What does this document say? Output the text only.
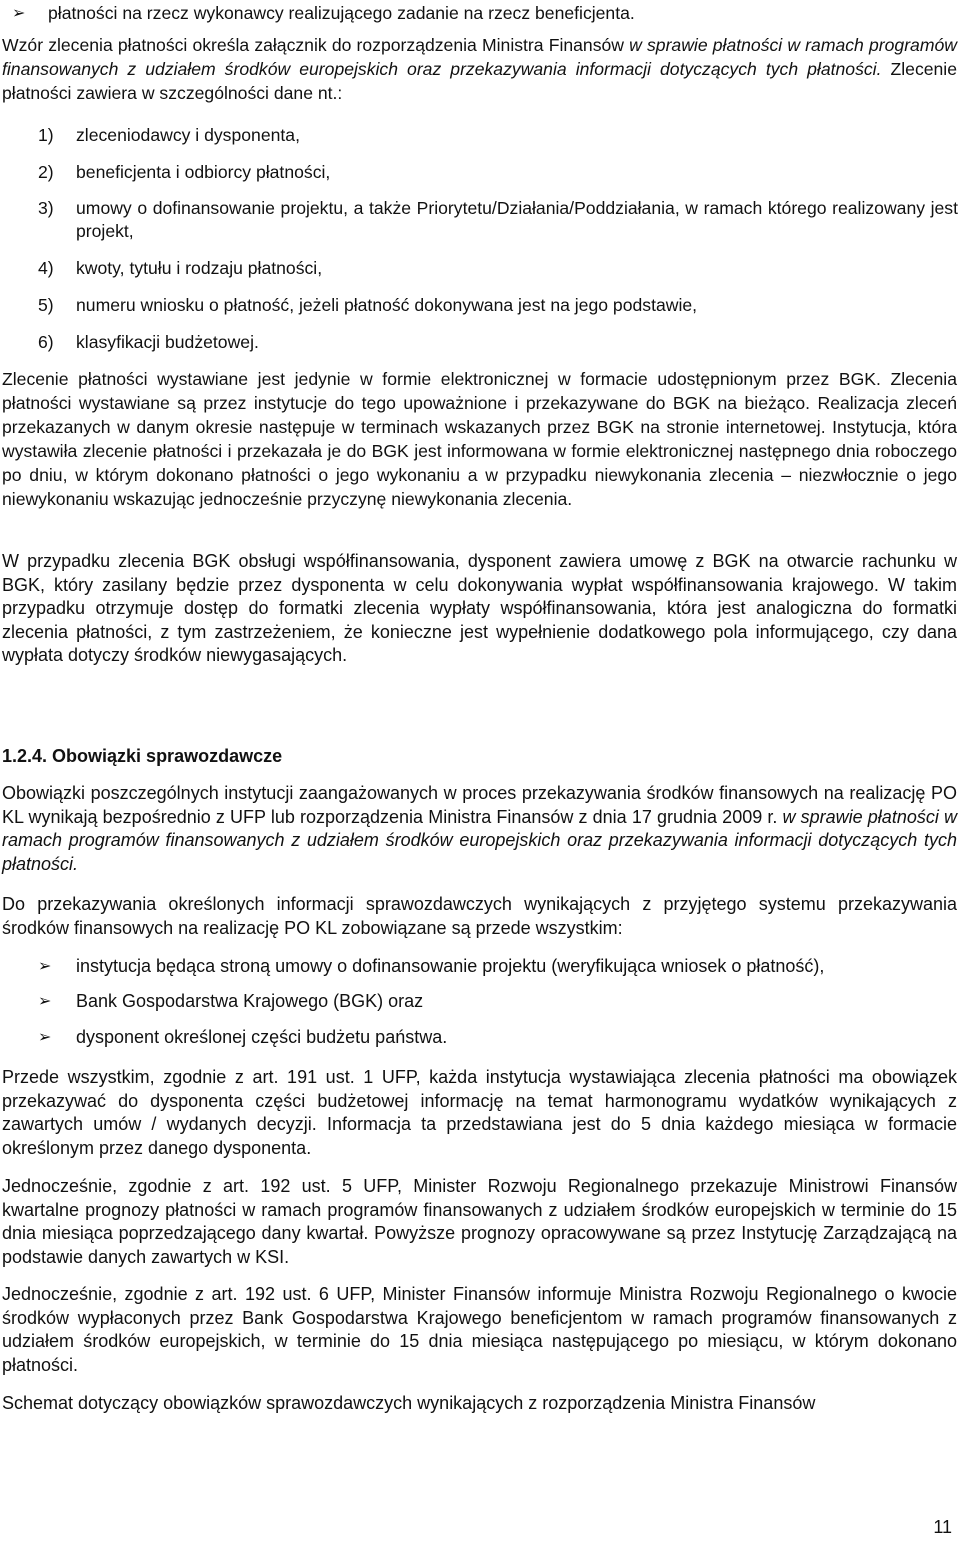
➢ płatności na rzecz wykonawcy realizującego zadanie na rzecz beneficjenta.
Wzór zlecenia płatności określa załącznik do rozporządzenia Ministra Finansów w sprawie płatności w ramach programów finansowanych z udziałem środków europejskich oraz przekazywania informacji dotyczących tych płatności. Zlecenie płatności zawiera w szczególności dane nt.:
1) zleceniodawcy i dysponenta,
2) beneficjenta i odbiorcy płatności,
3) umowy o dofinansowanie projektu, a także Priorytetu/Działania/Poddziałania, w ramach którego realizowany jest projekt,
4) kwoty, tytułu i rodzaju płatności,
5) numeru wniosku o płatność, jeżeli płatność dokonywana jest na jego podstawie,
6) klasyfikacji budżetowej.
Zlecenie płatności wystawiane jest jedynie w formie elektronicznej w formacie udostępnionym przez BGK. Zlecenia płatności wystawiane są przez instytucje do tego upoważnione i przekazywane do BGK na bieżąco. Realizacja zleceń przekazanych w danym okresie następuje w terminach wskazanych przez BGK na stronie internetowej. Instytucja, która wystawiła zlecenie płatności i przekazała je do BGK jest informowana w formie elektronicznej następnego dnia roboczego po dniu, w którym dokonano płatności o jego wykonaniu a w przypadku niewykonania zlecenia – niezwłocznie o jego niewykonaniu wskazując jednocześnie przyczynę niewykonania zlecenia.
W przypadku zlecenia BGK obsługi współfinansowania, dysponent zawiera umowę z BGK na otwarcie rachunku w BGK, który zasilany będzie przez dysponenta w celu dokonywania wypłat współfinansowania krajowego. W takim przypadku otrzymuje dostęp do formatki zlecenia wypłaty współfinansowania, która jest analogiczna do formatki zlecenia płatności, z tym zastrzeżeniem, że konieczne jest wypełnienie dodatkowego pola informującego, czy dana wypłata dotyczy środków niewygasających.
1.2.4. Obowiązki sprawozdawcze
Obowiązki poszczególnych instytucji zaangażowanych w proces przekazywania środków finansowych na realizację PO KL wynikają bezpośrednio z UFP lub rozporządzenia Ministra Finansów z dnia 17 grudnia 2009 r. w sprawie płatności w ramach programów finansowanych z udziałem środków europejskich oraz przekazywania informacji dotyczących tych płatności.
Do przekazywania określonych informacji sprawozdawczych wynikających z przyjętego systemu przekazywania środków finansowych na realizację PO KL zobowiązane są przede wszystkim:
➢ instytucja będąca stroną umowy o dofinansowanie projektu (weryfikująca wniosek o płatność),
➢ Bank Gospodarstwa Krajowego (BGK) oraz
➢ dysponent określonej części budżetu państwa.
Przede wszystkim, zgodnie z art. 191 ust. 1 UFP, każda instytucja wystawiająca zlecenia płatności ma obowiązek przekazywać do dysponenta części budżetowej informację na temat harmonogramu wydatków wynikających z zawartych umów / wydanych decyzji. Informacja ta przedstawiana jest do 5 dnia każdego miesiąca w formacie określonym przez danego dysponenta.
Jednocześnie, zgodnie z art. 192 ust. 5 UFP, Minister Rozwoju Regionalnego przekazuje Ministrowi Finansów kwartalne prognozy płatności w ramach programów finansowanych z udziałem środków europejskich w terminie do 15 dnia miesiąca poprzedzającego dany kwartał. Powyższe prognozy opracowywane są przez Instytucję Zarządzającą na podstawie danych zawartych w KSI.
Jednocześnie, zgodnie z art. 192 ust. 6 UFP, Minister Finansów informuje Ministra Rozwoju Regionalnego o kwocie środków wypłaconych przez Bank Gospodarstwa Krajowego beneficjentom w ramach programów finansowanych z udziałem środków europejskich, w terminie do 15 dnia miesiąca następującego po miesiącu, w którym dokonano płatności.
Schemat dotyczący obowiązków sprawozdawczych wynikających z rozporządzenia Ministra Finansów
11
